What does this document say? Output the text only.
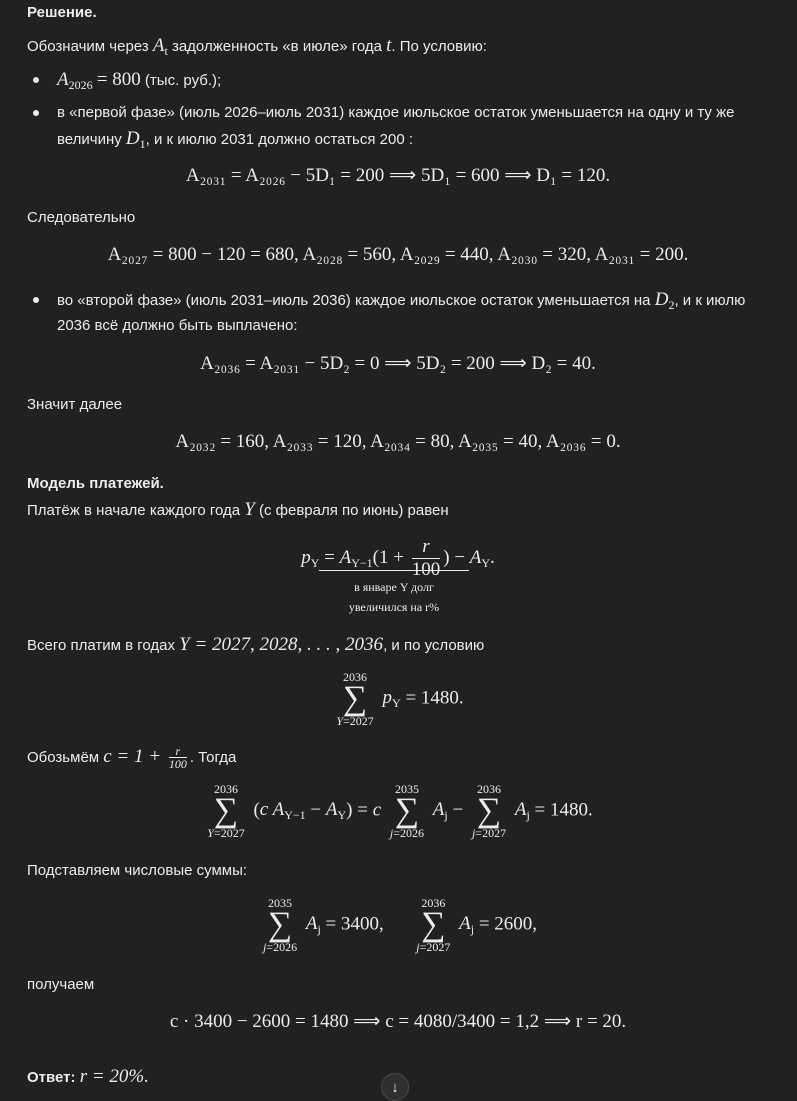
Решение.
Обозначим через $A_t$ задолженность «в июле» года t. По условию:
$A_{2026} = 800$ (тыс. руб.);
в «первой фазе» (июль 2026–июль 2031) каждое июльское остаток уменьшается на одну и ту же
величину $D_1$, и к июлю 2031 должно остаться 200 :
A₂₀₃₁ = A₂₀₂₆ − 5D₁ = 200 ⟹ 5D₁ = 600 ⟹ D₁ = 120.
Следовательно
A₂₀₂₇ = 800 − 120 = 680, A₂₀₂₈ = 560, A₂₀₂₉ = 440, A₂₀₃₀ = 320, A₂₀₃₁ = 200.
во «второй фазе» (июль 2031–июль 2036) каждое июльское остаток уменьшается на $D_2$, и к июлю
2036 всё должно быть выплачено:
A₂₀₃₆ = A₂₀₃₁ − 5D₂ = 0 ⟹ 5D₂ = 200 ⟹ D₂ = 40.
Значит далее
A₂₀₃₂ = 160, A₂₀₃₃ = 120, A₂₀₃₄ = 80, A₂₀₃₅ = 40, A₂₀₃₆ = 0.
Модель платежей.
Платёж в начале каждого года Y (с февраля по июнь) равен
$p_Y = A_{Y-1}(1 + \frac{r}{100}$ ) − $A_Y$.
в январе Y долг
увеличился на r%
Всего платим в годах Y = 2027, 2028, . . . , 2036, и по условию
2036
∑
Y=2027
$p_Y = 1480$.
Обозьмём $c = 1 + \frac{r}{100}$ . Тогда
2036
∑
Y=2027
(c $A_{Y-1} - A_Y) = c$
2035
∑
j=2026
$A_j$ −
2036
∑
j=2027
$A_j = 1480$.
Подставляем числовые суммы:
2035
∑
j=2026
$A_j = 3400$,
2036
∑
j=2027
$A_j = 2600$,
получаем
c · 3400 − 2600 = 1480 ⟹ c = 4080/3400 = 1,2 ⟹ r = 20.
Ответ: r = 20%.	↓
